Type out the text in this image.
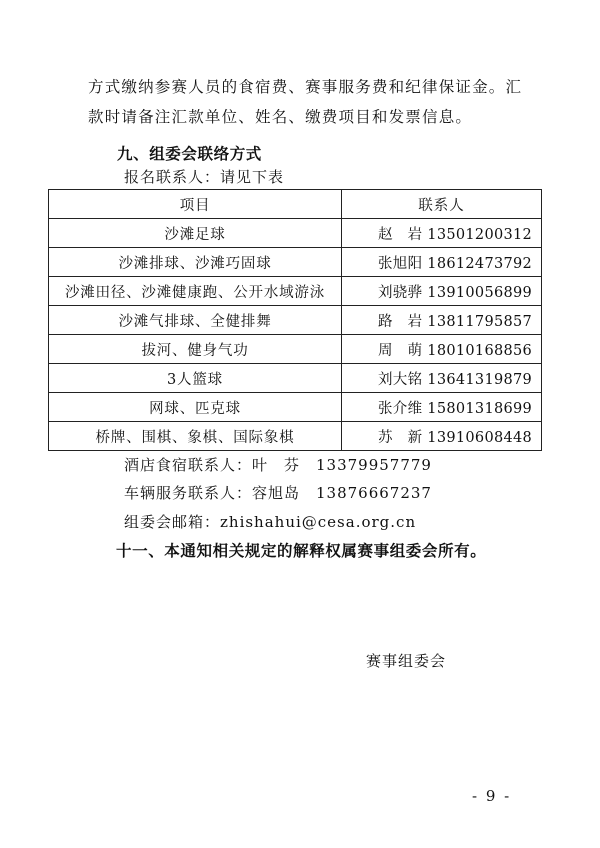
方式缴纳参赛人员的食宿费、赛事服务费和纪律保证金。汇款时请备注汇款单位、姓名、缴费项目和发票信息。

九、组委会联络方式

报名联系人：请见下表

项目	联系人
沙滩足球	赵　岩 13501200312
沙滩排球、沙滩巧固球	张旭阳 18612473792
沙滩田径、沙滩健康跑、公开水域游泳	刘骁骅 13910056899
沙滩气排球、全健排舞	路　岩 13811795857
拔河、健身气功	周　萌 18010168856
3人篮球	刘大铭 13641319879
网球、匹克球	张介维 15801318699
桥牌、围棋、象棋、国际象棋	苏　新 13910608448

酒店食宿联系人：叶　芬　13379957779

车辆服务联系人：容旭岛　13876667237

组委会邮箱：zhishahui@cesa.org.cn

十一、本通知相关规定的解释权属赛事组委会所有。

赛事组委会

- 9 -
